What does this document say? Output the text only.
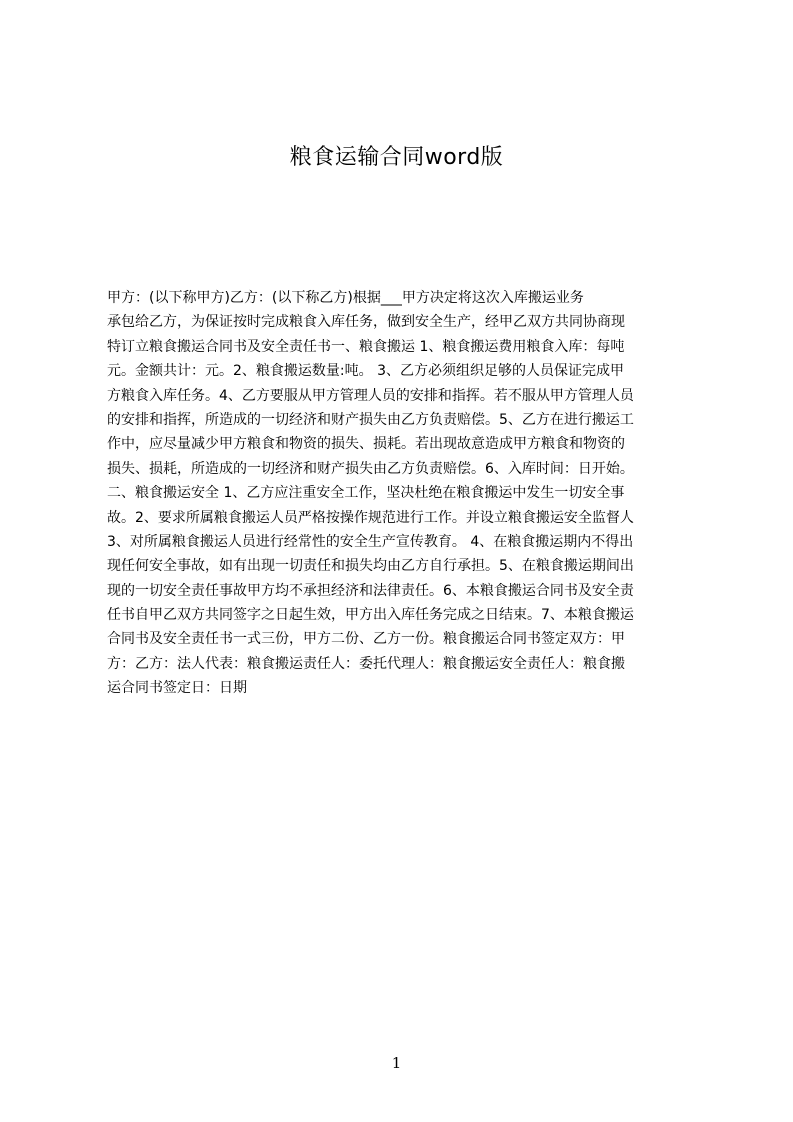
粮食运输合同word版
甲方：(以下称甲方)乙方：(以下称乙方)根据___甲方决定将这次入库搬运业务
承包给乙方，为保证按时完成粮食入库任务，做到安全生产，经甲乙双方共同协商现
特订立粮食搬运合同书及安全责任书一、粮食搬运 1、粮食搬运费用粮食入库：每吨
元。金额共计：元。2、粮食搬运数量:吨。 3、乙方必须组织足够的人员保证完成甲
方粮食入库任务。4、乙方要服从甲方管理人员的安排和指挥。若不服从甲方管理人员
的安排和指挥，所造成的一切经济和财产损失由乙方负责赔偿。5、乙方在进行搬运工
作中，应尽量减少甲方粮食和物资的损失、损耗。若出现故意造成甲方粮食和物资的
损失、损耗，所造成的一切经济和财产损失由乙方负责赔偿。6、入库时间：日开始。
二、粮食搬运安全 1、乙方应注重安全工作，坚决杜绝在粮食搬运中发生一切安全事
故。2、要求所属粮食搬运人员严格按操作规范进行工作。并设立粮食搬运安全监督人
3、对所属粮食搬运人员进行经常性的安全生产宣传教育。 4、在粮食搬运期内不得出
现任何安全事故，如有出现一切责任和损失均由乙方自行承担。5、在粮食搬运期间出
现的一切安全责任事故甲方均不承担经济和法律责任。6、本粮食搬运合同书及安全责
任书自甲乙双方共同签字之日起生效，甲方出入库任务完成之日结束。7、本粮食搬运
合同书及安全责任书一式三份，甲方二份、乙方一份。粮食搬运合同书签定双方：甲
方：乙方：法人代表：粮食搬运责任人：委托代理人：粮食搬运安全责任人：粮食搬
运合同书签定日：日期
1
